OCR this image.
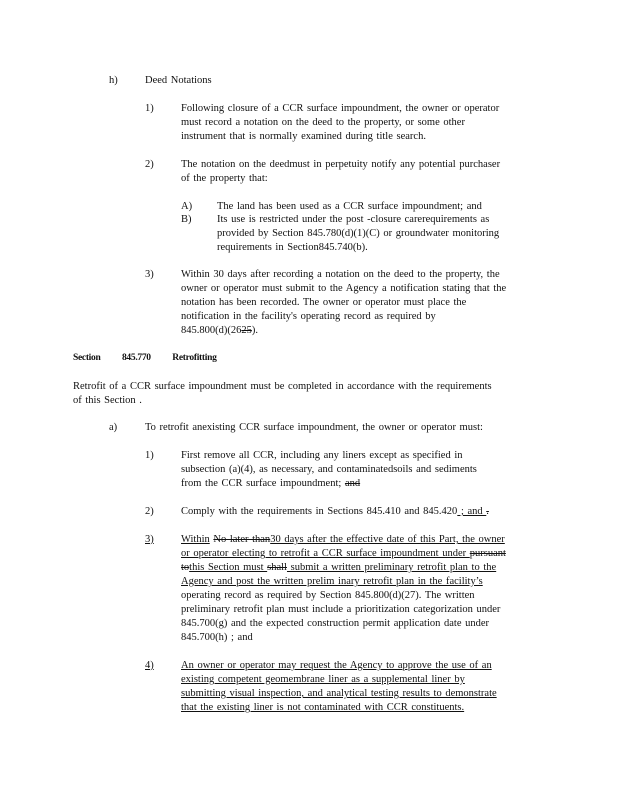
h)	Deed Notations
1)	Following closure of a CCR surface impoundment, the owner or operator
must record a notation on the deed to the property, or some other
instrument that is normally examined during title search.
2)	The notation on the deedmust in perpetuity notify any potential purchaser
of the property that:
A) The land has been used as a CCR surface impoundment; and
B) Its use is restricted under the post -closure carerequirements as
provided by Section 845.780(d)(1)(C) or groundwater monitoring
requirements in Section845.740(b).
3)	Within 30 days after recording a notation on the deed to the property, the
owner or operator must submit to the Agency a notification stating that the
notation has been recorded. The owner or operator must place the
notification in the facility's operating record as required by
845.800(d)(2625).
Section 845.770 Retrofitting
Retrofit of a CCR surface impoundment must be completed in accordance with the requirements
of this Section .
a)	To retrofit anexisting CCR surface impoundment, the owner or operator must:
1)	First remove all CCR, including any liners except as specified in
subsection (a)(4), as necessary, and contaminatedsoils and sediments
from the CCR surface impoundment; and
2)	Comply with the requirements in Sections 845.410 and 845.420 ; and .
3)	Within No later than30 days after the effective date of this Part, the owner
or operator electing to retrofit a CCR surface impoundment under pursuant
tothis Section must shall submit a written preliminary retrofit plan to the
Agency and post the written prelim inary retrofit plan in the facility’s
operating record as required by Section 845.800(d)(27). The written
preliminary retrofit plan must include a prioritization categorization under
845.700(g) and the expected construction permit application date under
845.700(h) ; and
4)	An owner or operator may request the Agency to approve the use of an
existing competent geomembrane liner as a supplemental liner by
submitting visual inspection, and analytical testing results to demonstrate
that the existing liner is not contaminated with CCR constituents.
